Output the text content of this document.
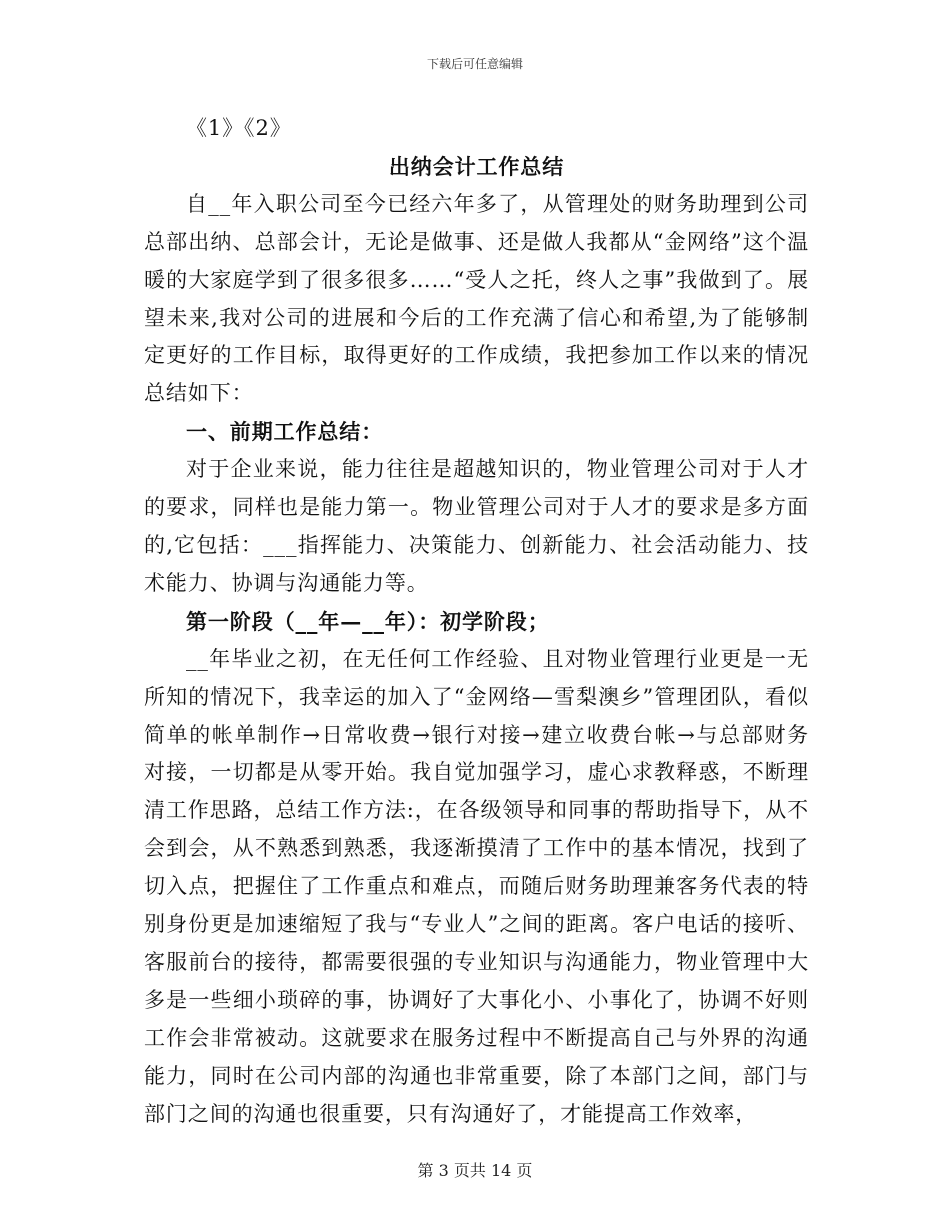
下载后可任意编辑

《1》《2》

出纳会计工作总结

自__年入职公司至今已经六年多了，从管理处的财务助理到公司总部出纳、总部会计，无论是做事、还是做人我都从“金网络”这个温暖的大家庭学到了很多很多……“受人之托，终人之事”我做到了。展望未来,我对公司的进展和今后的工作充满了信心和希望,为了能够制定更好的工作目标，取得更好的工作成绩，我把参加工作以来的情况总结如下：

一、前期工作总结：

对于企业来说，能力往往是超越知识的，物业管理公司对于人才的要求，同样也是能力第一。物业管理公司对于人才的要求是多方面的,它包括：___指挥能力、决策能力、创新能力、社会活动能力、技术能力、协调与沟通能力等。

第一阶段（__年—__年）：初学阶段；

__年毕业之初，在无任何工作经验、且对物业管理行业更是一无所知的情况下，我幸运的加入了“金网络—雪梨澳乡”管理团队，看似简单的帐单制作→日常收费→银行对接→建立收费台帐→与总部财务对接，一切都是从零开始。我自觉加强学习，虚心求教释惑，不断理清工作思路，总结工作方法:，在各级领导和同事的帮助指导下，从不会到会，从不熟悉到熟悉，我逐渐摸清了工作中的基本情况，找到了切入点，把握住了工作重点和难点，而随后财务助理兼客务代表的特别身份更是加速缩短了我与“专业人”之间的距离。客户电话的接听、客服前台的接待，都需要很强的专业知识与沟通能力，物业管理中大多是一些细小琐碎的事，协调好了大事化小、小事化了，协调不好则工作会非常被动。这就要求在服务过程中不断提高自己与外界的沟通能力，同时在公司内部的沟通也非常重要，除了本部门之间，部门与部门之间的沟通也很重要，只有沟通好了，才能提高工作效率，

第 3 页共 14 页
